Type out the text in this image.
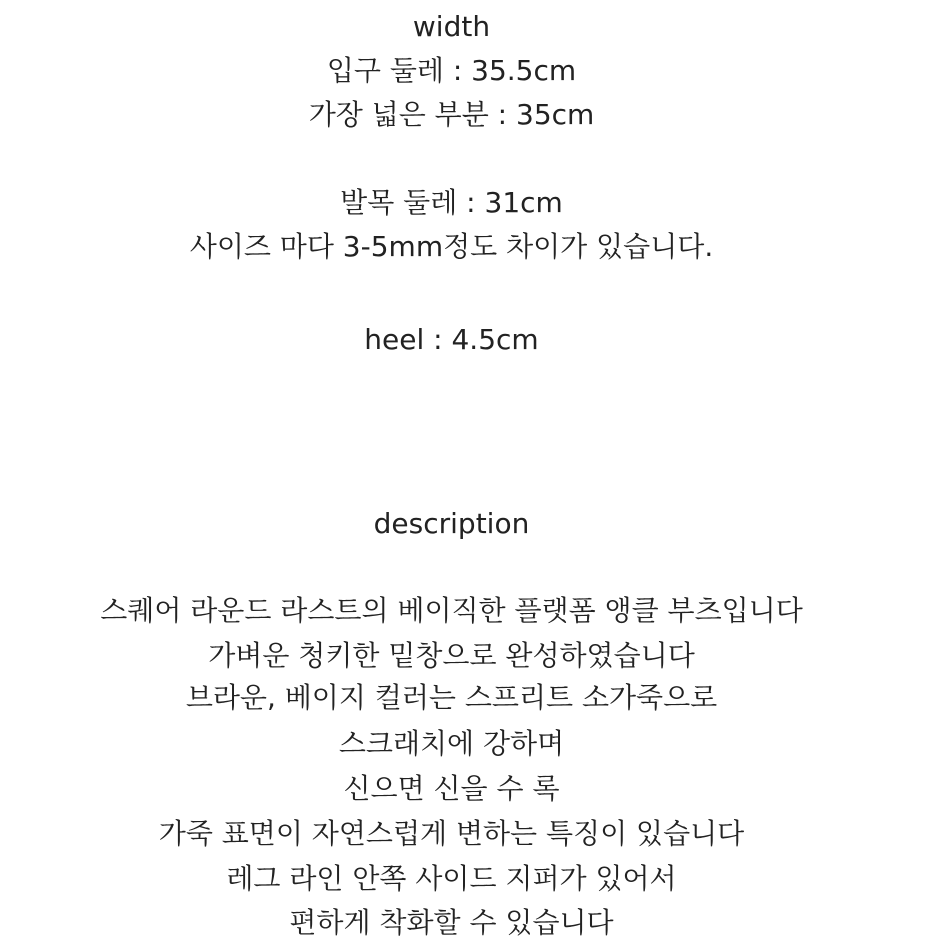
width
입구 둘레 : 35.5cm
가장 넓은 부분 : 35cm
발목 둘레 : 31cm
사이즈 마다 3-5mm정도 차이가 있습니다.
heel : 4.5cm
description
스퀘어 라운드 라스트의 베이직한 플랫폼 앵클 부츠입니다
가벼운 청키한 밑창으로 완성하였습니다
브라운, 베이지 컬러는 스프리트 소가죽으로
스크래치에 강하며
신으면 신을 수 록
가죽 표면이 자연스럽게 변하는 특징이 있습니다
레그 라인 안쪽 사이드 지퍼가 있어서
편하게 착화할 수 있습니다
